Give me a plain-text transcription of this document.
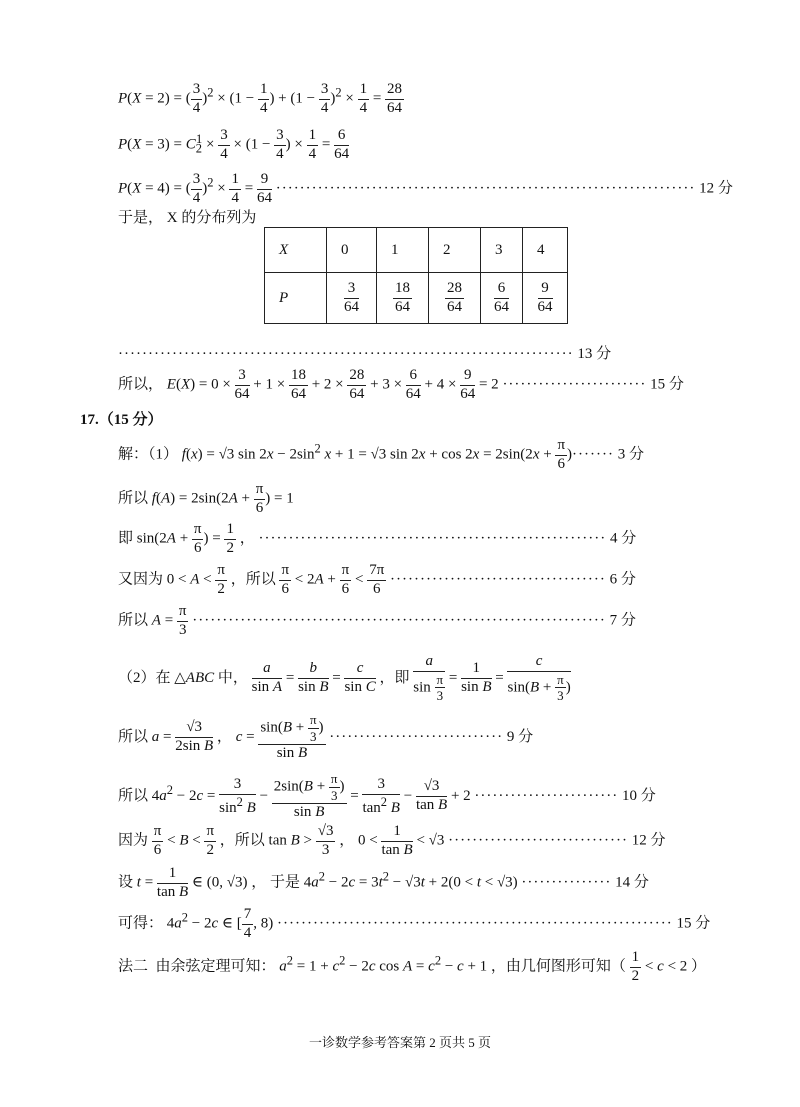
P(X = 2) = ( $\frac{3}{4} )^2 \times (1 - \frac{1}{4}$ ) + $(1 - \frac{3}{4} )^2 \times \frac{1}{4} = \frac{28}{64}$
$P(X = 3) = C_2^1 \times \frac{3}{4} \times (1 - \frac{3}{4}$ ) × $\frac{1}{4} = \frac{6}{64}$
P(X = 4) = ( $\frac{3}{4} )^2 \times \frac{1}{4} = \frac{9}{64}$ ······································································ 12 分
于是， X 的分布列为
X	0	1	2	3	4
P	$\frac{3}{64}$	$\frac{18}{64}$	$\frac{28}{64}$	$\frac{6}{64}$	$\frac{9}{64}$
············································································ 13 分
所以， $E(X) = 0 \times \frac{3}{64} + 1 \times \frac{18}{64} + 2 \times \frac{28}{64} + 3 \times \frac{6}{64} + 4 \times \frac{9}{64} = 2$ ························ 15 分
17.（15 分）
解：（1） f(x) = √3 $\sin 2x - 2\sin^2$ x + 1 = √3 $\sin 2x + \cos 2x = 2\sin(2x + \frac{\pi}{6}$ )······· 3 分
所以 $f(A) = 2\sin(2A + \frac{\pi}{6}$ ) = 1
即 $\sin(2A + \frac{\pi}{6}$ ) = $\frac{1}{2}$ ， ·························································· 4 分
又因为 $0 < A < \frac{\pi}{2}$ ，所以 $\frac{\pi}{6} < 2A + \frac{\pi}{6} < \frac{7\pi}{6}$ ···································· 6 分
所以 $A = \frac{\pi}{3}$ ····································································· 7 分
（2）在 △ABC 中， $\frac{a}{\text{sin A}} = \frac{b}{\text{sin B}} = \frac{c}{\text{sin C}}$ ，即 $\frac{a}{\sin \frac{\pi}{3}} = \frac{1}{\text{sin B}} = \frac{c}{\sin(B + \frac{\pi}{3} )}$
所以 $a = \frac{√3}{\text{2sin B}}$ ， $c = \frac{\sin(B + \frac{\pi}{3} )}{\text{sin B}}$ ····························· 9 分
所以 $4a^2 - 2c = \frac{3}{\sin^2 B} - \frac{2\sin(B + \frac{\pi}{3} )}{\text{sin B}} = \frac{3}{\tan^2 B} - \frac{√3}{\text{tan B}} + 2$ ························ 10 分
因为 $\frac{\pi}{6} < B < \frac{\pi}{2}$ ，所以 $\tan B > \frac{√3}{3}$ ， $0 < \frac{1}{\text{tan B}} < √3$ ······························ 12 分
设 $t = \frac{1}{\text{tan B}}$ ∈ (0, √3) ， 于是 $4a^2 - 2c = 3t^2 - √3t + 2(0 < t < √3)$ ··············· 14 分
可得： $4a^2 - 2c$ ∈ [ $\frac{7}{4}$ , 8) ·································································· 15 分
法二  由余弦定理可知： $a^2 = 1 + c^2 - 2c$ $\cos A = c^2 - c + 1$ ，由几何图形可知（ $\frac{1}{2} < c < 2$ ）
一诊数学参考答案第 2 页共 5 页
